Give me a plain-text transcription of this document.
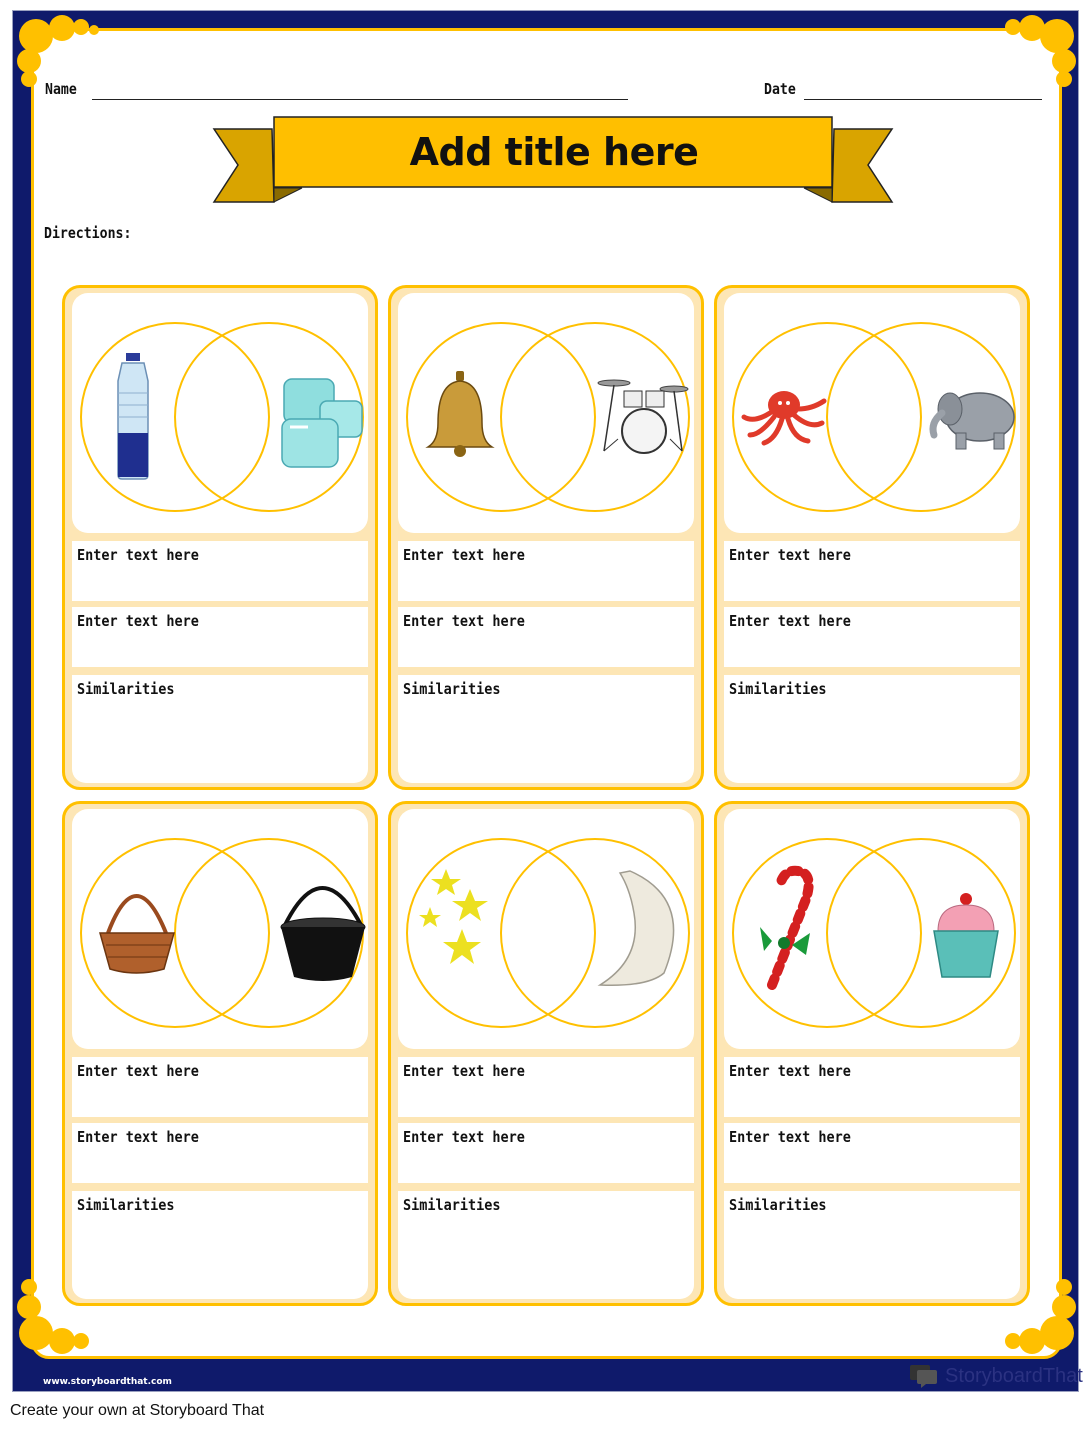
www.storyboardthat.com	StoryboardThat
Name	Date
Add title here
Directions:
Enter text here
Enter text here
Similarities
Enter text here
Enter text here
Similarities
Enter text here
Enter text here
Similarities
Enter text here
Enter text here
Similarities
Enter text here
Enter text here
Similarities
Enter text here
Enter text here
Similarities
Create your own at Storyboard That
